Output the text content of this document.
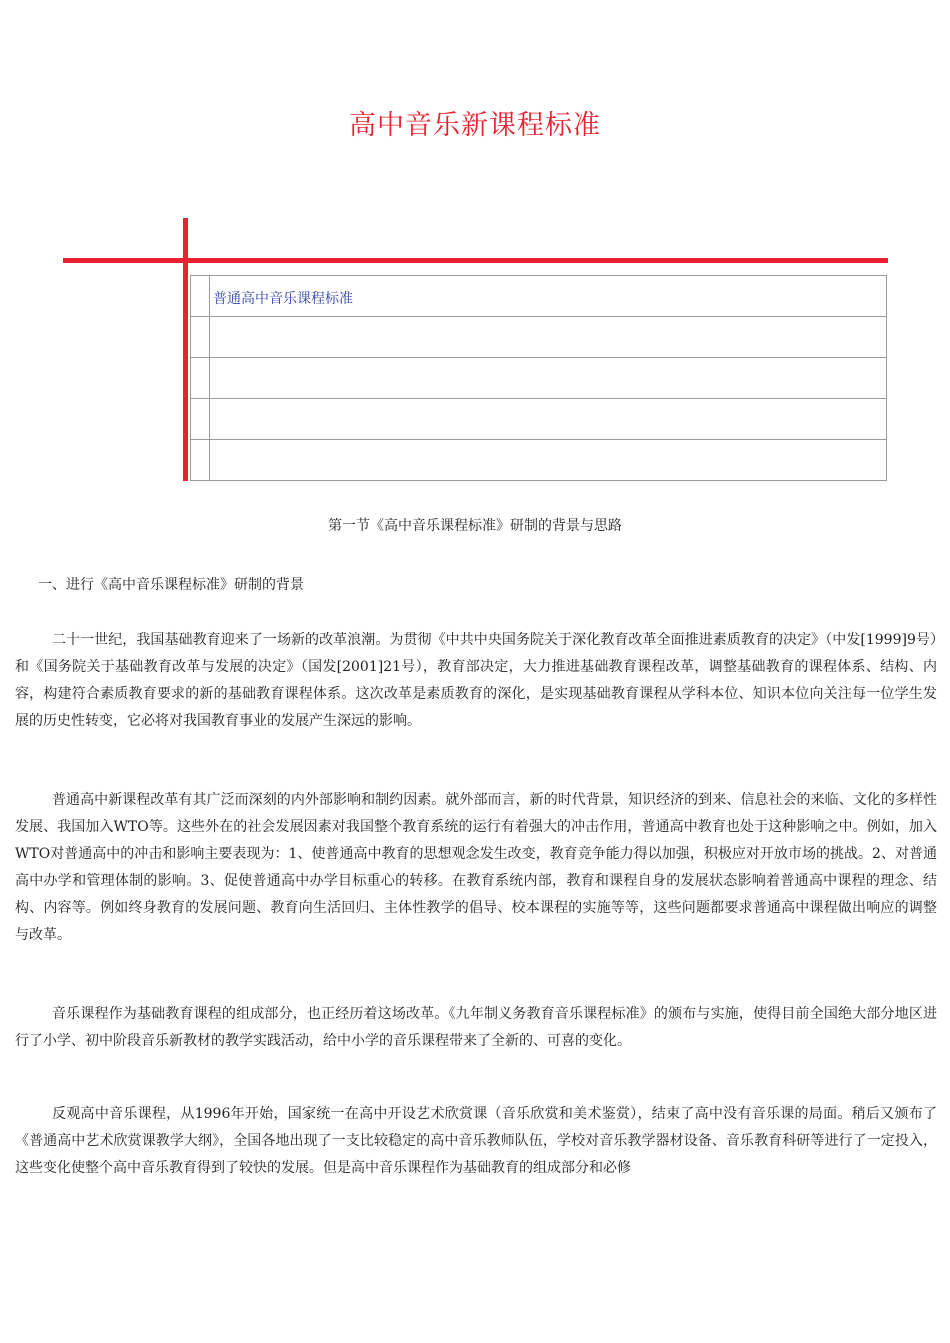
高中音乐新课程标准
普通高中音乐课程标准
第一节《高中音乐课程标准》研制的背景与思路
一、进行《高中音乐课程标准》研制的背景

二十一世纪，我国基础教育迎来了一场新的改革浪潮。为贯彻《中共中央国务院关于深化教育改革全面推进素质教育的决定》（中发[1999]9号）和《国务院关于基础教育改革与发展的决定》（国发[2001]21号），教育部决定，大力推进基础教育课程改革，调整基础教育的课程体系、结构、内容，构建符合素质教育要求的新的基础教育课程体系。这次改革是素质教育的深化，是实现基础教育课程从学科本位、知识本位向关注每一位学生发展的历史性转变，它必将对我国教育事业的发展产生深远的影响。

普通高中新课程改革有其广泛而深刻的内外部影响和制约因素。就外部而言，新的时代背景，知识经济的到来、信息社会的来临、文化的多样性发展、我国加入WTO等。这些外在的社会发展因素对我国整个教育系统的运行有着强大的冲击作用，普通高中教育也处于这种影响之中。例如，加入WTO对普通高中的冲击和影响主要表现为：1、使普通高中教育的思想观念发生改变，教育竞争能力得以加强，积极应对开放市场的挑战。2、对普通高中办学和管理体制的影响。3、促使普通高中办学目标重心的转移。在教育系统内部，教育和课程自身的发展状态影响着普通高中课程的理念、结构、内容等。例如终身教育的发展问题、教育向生活回归、主体性教学的倡导、校本课程的实施等等，这些问题都要求普通高中课程做出响应的调整与改革。

音乐课程作为基础教育课程的组成部分，也正经历着这场改革。《九年制义务教育音乐课程标准》的颁布与实施，使得目前全国绝大部分地区进行了小学、初中阶段音乐新教材的教学实践活动，给中小学的音乐课程带来了全新的、可喜的变化。

反观高中音乐课程，从1996年开始，国家统一在高中开设艺术欣赏课（音乐欣赏和美术鉴赏），结束了高中没有音乐课的局面。稍后又颁布了《普通高中艺术欣赏课教学大纲》，全国各地出现了一支比较稳定的高中音乐教师队伍，学校对音乐教学器材设备、音乐教育科研等进行了一定投入，这些变化使整个高中音乐教育得到了较快的发展。但是高中音乐课程作为基础教育的组成部分和必修
